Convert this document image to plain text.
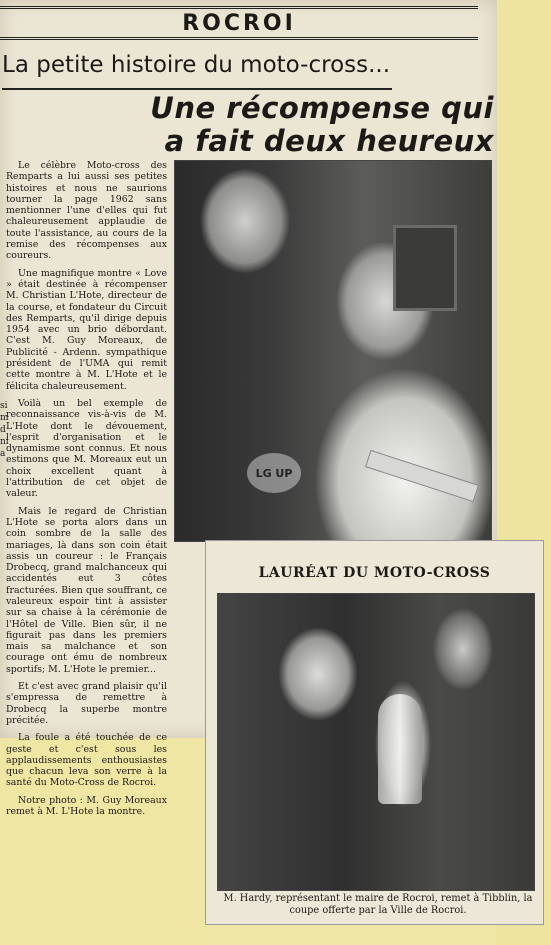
ROCROI
La petite histoire du moto-cross...
Une récompense qui
a fait deux heureux
si
m
d
ni
a

Le célèbre Moto-cross des Remparts a lui aussi ses petites histoires et nous ne saurions tourner la page 1962 sans mentionner l'une d'elles qui fut chaleureusement applaudie de toute l'assistance, au cours de la remise des récompenses aux coureurs.

Une magnifique montre « Love » était destinée à récompenser M. Christian L'Hote, directeur de la course, et fondateur du Circuit des Remparts, qu'il dirige depuis 1954 avec un brio débordant. C'est M. Guy Moreaux, de Publicité - Ardenn. sympathique président de l'UMA qui remit cette montre à M. L'Hote et le félicita chaleureusement.

Voilà un bel exemple de reconnaissance vis-à-vis de M. L'Hote dont le dévouement, l'esprit d'organisation et le dynamisme sont connus. Et nous estimons que M. Moreaux eut un choix excellent quant à l'attribution de cet objet de valeur.

Mais le regard de Christian L'Hote se porta alors dans un coin sombre de la salle des mariages, là dans son coin était assis un coureur : le Français Drobecq, grand malchanceux qui accidentés eut 3 côtes fracturées. Bien que souffrant, ce valeureux espoir tint à assister sur sa chaise à la cérémonie de l'Hôtel de Ville. Bien sûr, il ne figurait pas dans les premiers mais sa malchance et son courage ont ému de nombreux sportifs; M. L'Hote le premier...

Et c'est avec grand plaisir qu'il s'empressa de remettre à Drobecq la superbe montre précitée.

La foule a été touchée de ce geste et c'est sous les applaudissements enthousiastes que chacun leva son verre à la santé du Moto-Cross de Rocroi.

Notre photo : M. Guy Moreaux remet à M. L'Hote la montre.

LG UP
LAURÉAT DU MOTO-CROSS
M. Hardy, représentant le maire de Rocroi, remet à Tibblin, la coupe offerte par la Ville de Rocroi.
